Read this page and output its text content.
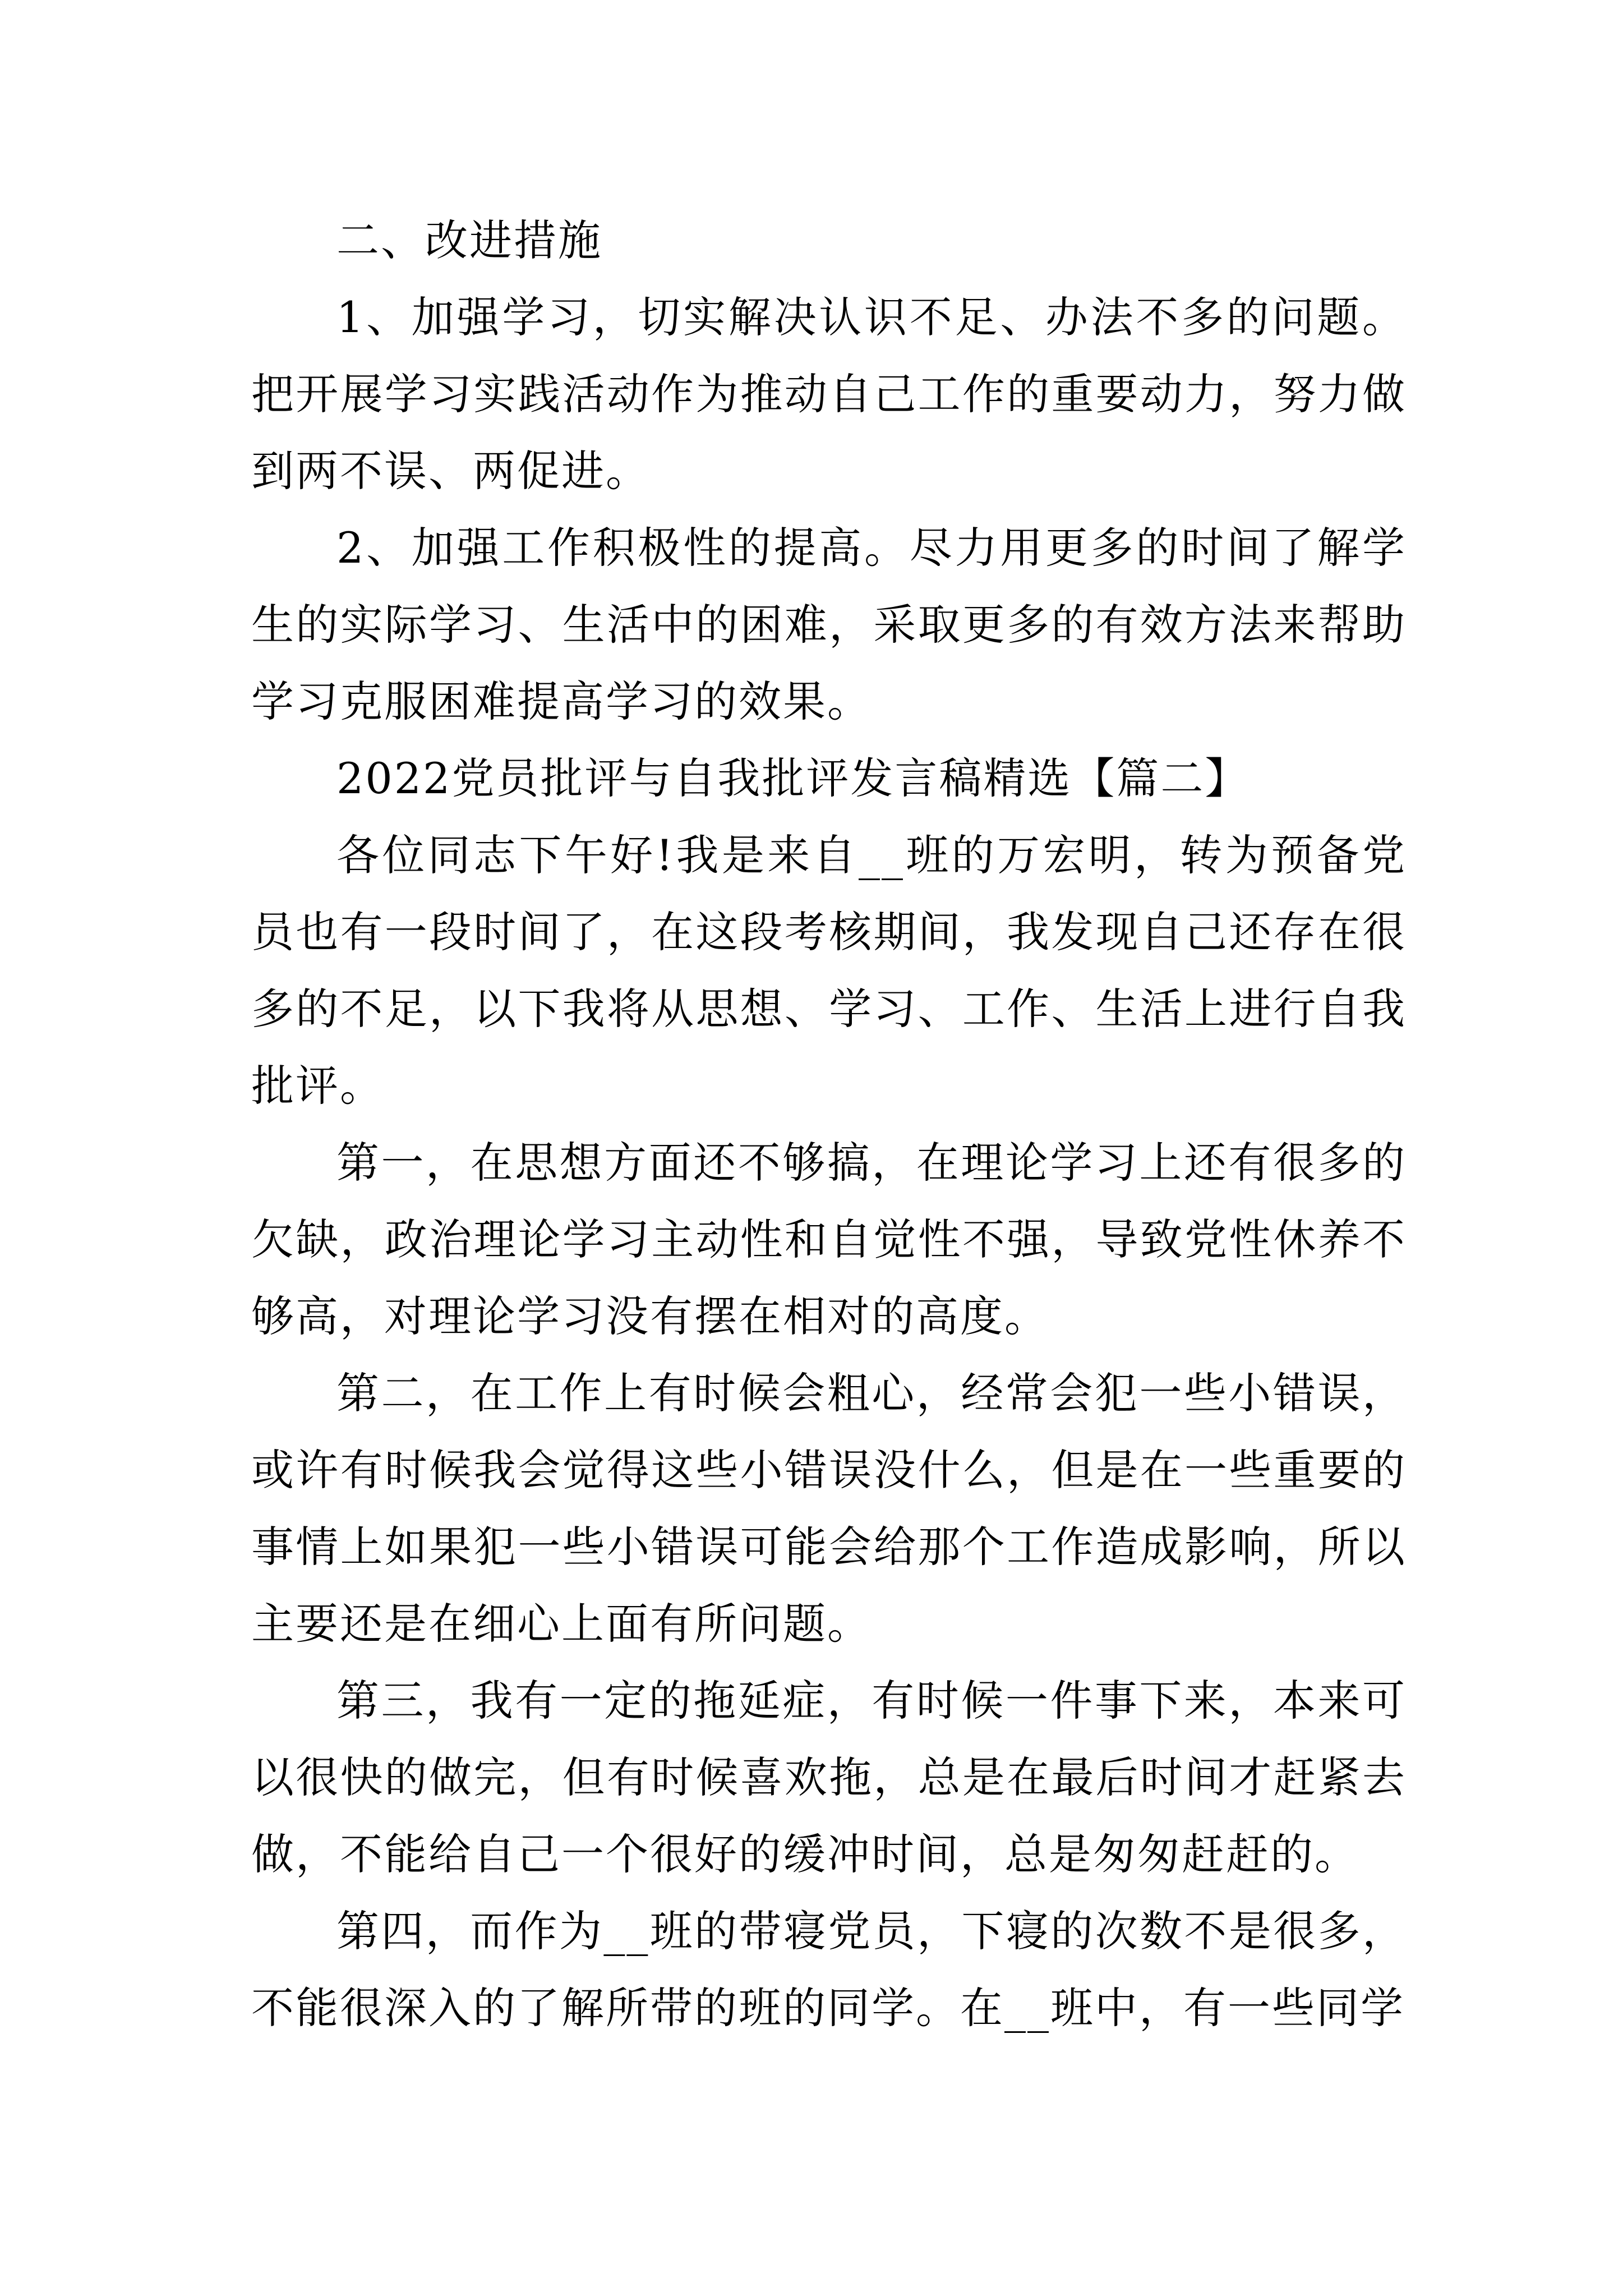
二、改进措施

1、加强学习，切实解决认识不足、办法不多的问题。把开展学习实践活动作为推动自己工作的重要动力，努力做到两不误、两促进。

2、加强工作积极性的提高。尽力用更多的时间了解学生的实际学习、生活中的困难，采取更多的有效方法来帮助学习克服困难提高学习的效果。

2022党员批评与自我批评发言稿精选【篇二】

各位同志下午好!我是来自__班的万宏明，转为预备党员也有一段时间了，在这段考核期间，我发现自己还存在很多的不足，以下我将从思想、学习、工作、生活上进行自我批评。

第一，在思想方面还不够搞，在理论学习上还有很多的欠缺，政治理论学习主动性和自觉性不强，导致党性休养不够高，对理论学习没有摆在相对的高度。

第二，在工作上有时候会粗心，经常会犯一些小错误，或许有时候我会觉得这些小错误没什么，但是在一些重要的事情上如果犯一些小错误可能会给那个工作造成影响，所以主要还是在细心上面有所问题。

第三，我有一定的拖延症，有时候一件事下来，本来可以很快的做完，但有时候喜欢拖，总是在最后时间才赶紧去做，不能给自己一个很好的缓冲时间，总是匆匆赶赶的。

第四，而作为__班的带寝党员，下寝的次数不是很多，不能很深入的了解所带的班的同学。在__班中，有一些同学
